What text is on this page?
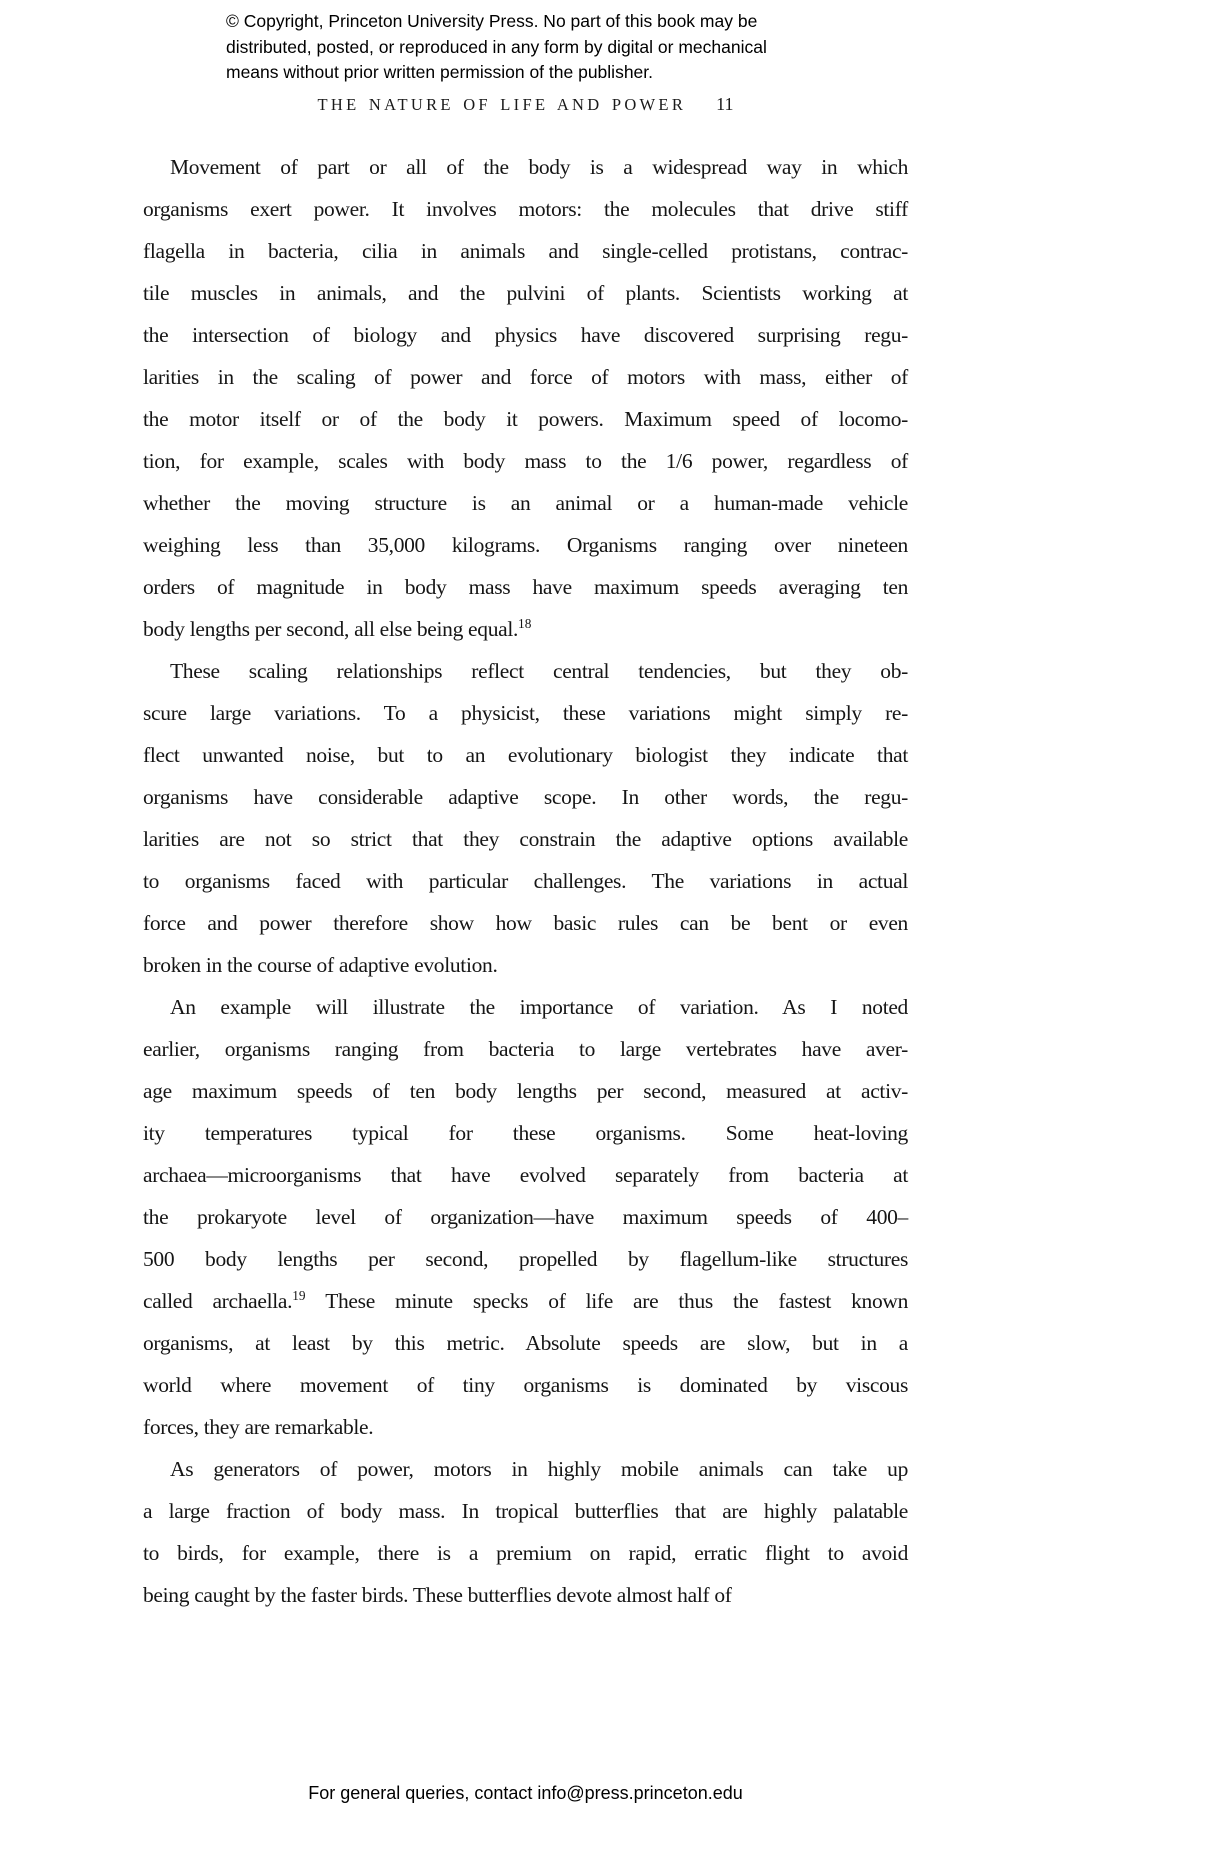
© Copyright, Princeton University Press. No part of this book may be
distributed, posted, or reproduced in any form by digital or mechanical
means without prior written permission of the publisher.
THE NATURE OF LIFE AND POWER 11
Movement of part or all of the body is a widespread way in which
organisms exert power. It involves motors: the molecules that drive stiff
flagella in bacteria, cilia in animals and single-celled protistans, contrac-
tile muscles in animals, and the pulvini of plants. Scientists working at
the intersection of biology and physics have discovered surprising regu-
larities in the scaling of power and force of motors with mass, either of
the motor itself or of the body it powers. Maximum speed of locomo-
tion, for example, scales with body mass to the 1/6 power, regardless of
whether the moving structure is an animal or a human-made vehicle
weighing less than 35,000 kilograms. Organisms ranging over nineteen
orders of magnitude in body mass have maximum speeds averaging ten
body lengths per second, all else being equal.$^{18}$
These scaling relationships reflect central tendencies, but they ob-
scure large variations. To a physicist, these variations might simply re-
flect unwanted noise, but to an evolutionary biologist they indicate that
organisms have considerable adaptive scope. In other words, the regu-
larities are not so strict that they constrain the adaptive options available
to organisms faced with particular challenges. The variations in actual
force and power therefore show how basic rules can be bent or even
broken in the course of adaptive evolution.
An example will illustrate the importance of variation. As I noted
earlier, organisms ranging from bacteria to large vertebrates have aver-
age maximum speeds of ten body lengths per second, measured at activ-
ity temperatures typical for these organisms. Some heat-loving
archaea—microorganisms that have evolved separately from bacteria at
the prokaryote level of organization—have maximum speeds of 400–
500 body lengths per second, propelled by flagellum-like structures
called archaella.$^{19}$ These minute specks of life are thus the fastest known
organisms, at least by this metric. Absolute speeds are slow, but in a
world where movement of tiny organisms is dominated by viscous
forces, they are remarkable.
As generators of power, motors in highly mobile animals can take up
a large fraction of body mass. In tropical butterflies that are highly palatable
to birds, for example, there is a premium on rapid, erratic flight to avoid
being caught by the faster birds. These butterflies devote almost half of
For general queries, contact info@press.princeton.edu
